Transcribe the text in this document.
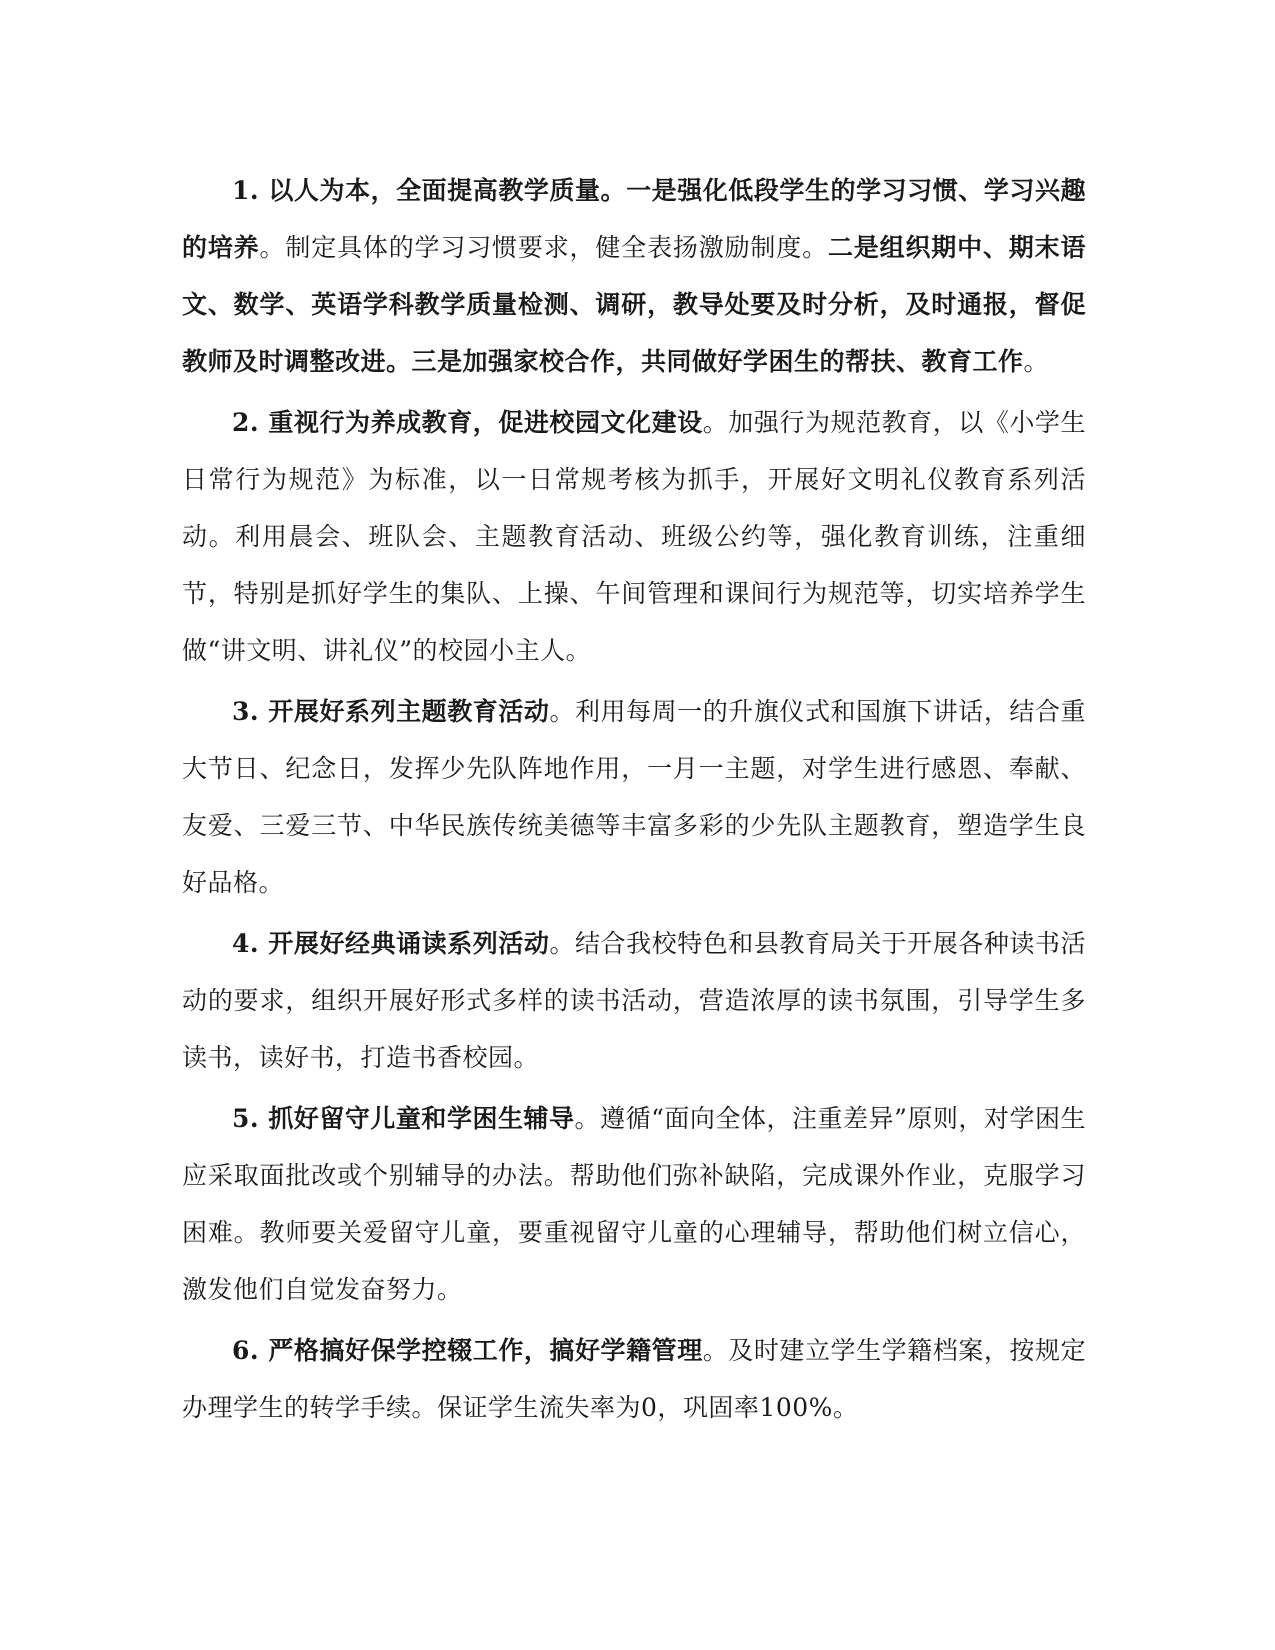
1. 以人为本，全面提高教学质量。一是强化低段学生的学习习惯、学习兴趣的培养。制定具体的学习习惯要求，健全表扬激励制度。二是组织期中、期末语文、数学、英语学科教学质量检测、调研，教导处要及时分析，及时通报，督促教师及时调整改进。三是加强家校合作，共同做好学困生的帮扶、教育工作。

2. 重视行为养成教育，促进校园文化建设。加强行为规范教育，以《小学生日常行为规范》为标准，以一日常规考核为抓手，开展好文明礼仪教育系列活动。利用晨会、班队会、主题教育活动、班级公约等，强化教育训练，注重细节，特别是抓好学生的集队、上操、午间管理和课间行为规范等，切实培养学生做“讲文明、讲礼仪”的校园小主人。

3. 开展好系列主题教育活动。利用每周一的升旗仪式和国旗下讲话，结合重大节日、纪念日，发挥少先队阵地作用，一月一主题，对学生进行感恩、奉献、友爱、三爱三节、中华民族传统美德等丰富多彩的少先队主题教育，塑造学生良好品格。

4. 开展好经典诵读系列活动。结合我校特色和县教育局关于开展各种读书活动的要求，组织开展好形式多样的读书活动，营造浓厚的读书氛围，引导学生多读书，读好书，打造书香校园。

5. 抓好留守儿童和学困生辅导。遵循“面向全体，注重差异”原则，对学困生应采取面批改或个别辅导的办法。帮助他们弥补缺陷，完成课外作业，克服学习困难。教师要关爱留守儿童，要重视留守儿童的心理辅导，帮助他们树立信心，激发他们自觉发奋努力。

6. 严格搞好保学控辍工作，搞好学籍管理。及时建立学生学籍档案，按规定办理学生的转学手续。保证学生流失率为0，巩固率100%。
